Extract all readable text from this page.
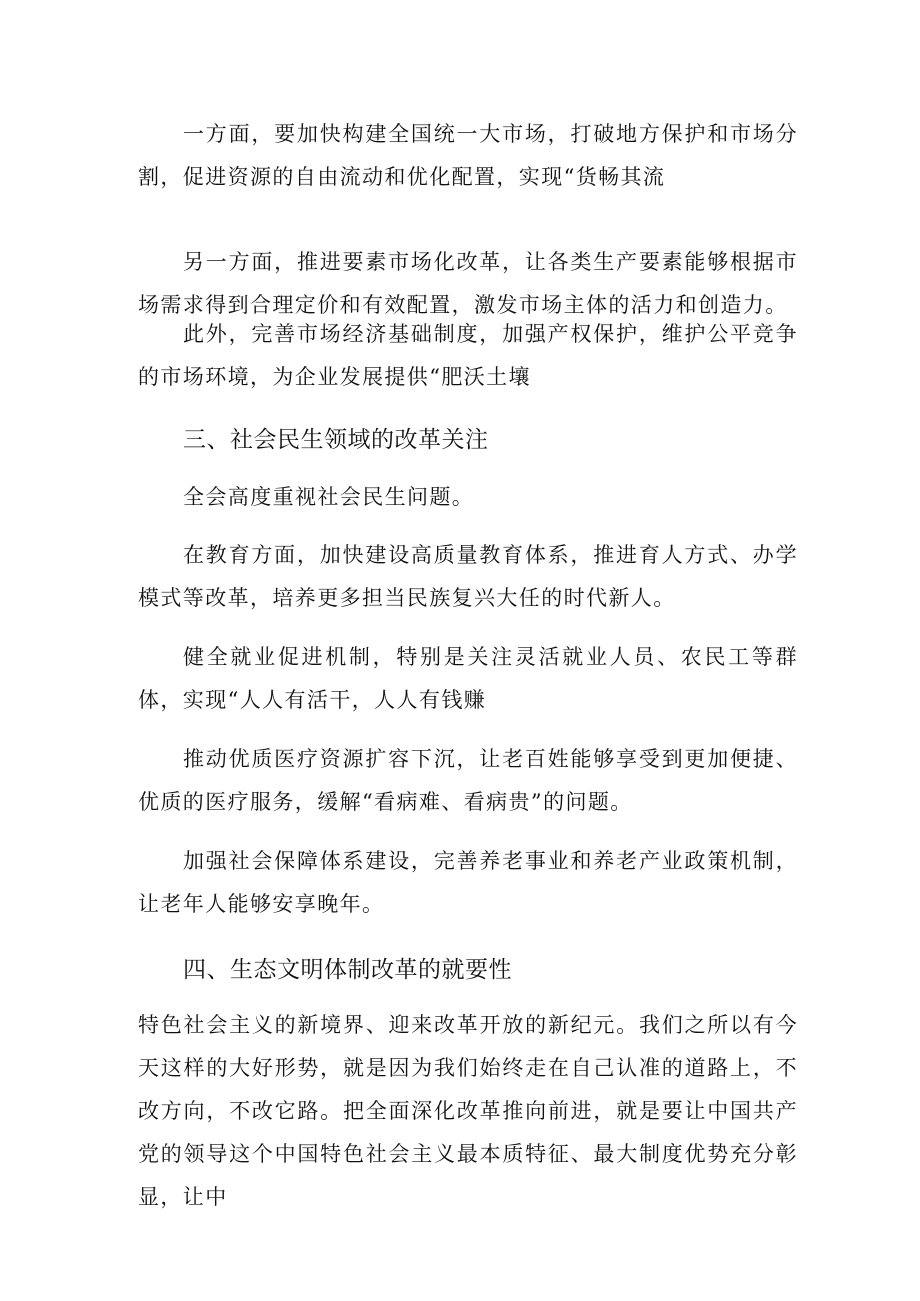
一方面，要加快构建全国统一大市场，打破地方保护和市场分割，促进资源的自由流动和优化配置，实现“货畅其流

另一方面，推进要素市场化改革，让各类生产要素能够根据市场需求得到合理定价和有效配置，激发市场主体的活力和创造力。

此外，完善市场经济基础制度，加强产权保护，维护公平竞争的市场环境，为企业发展提供“肥沃土壤

三、社会民生领域的改革关注

全会高度重视社会民生问题。

在教育方面，加快建设高质量教育体系，推进育人方式、办学模式等改革，培养更多担当民族复兴大任的时代新人。

健全就业促进机制，特别是关注灵活就业人员、农民工等群体，实现“人人有活干，人人有钱赚

推动优质医疗资源扩容下沉，让老百姓能够享受到更加便捷、优质的医疗服务，缓解“看病难、看病贵”的问题。

加强社会保障体系建设，完善养老事业和养老产业政策机制，让老年人能够安享晚年。

四、生态文明体制改革的就要性

特色社会主义的新境界、迎来改革开放的新纪元。我们之所以有今天这样的大好形势，就是因为我们始终走在自己认准的道路上，不改方向，不改它路。把全面深化改革推向前进，就是要让中国共产党的领导这个中国特色社会主义最本质特征、最大制度优势充分彰显，让中
